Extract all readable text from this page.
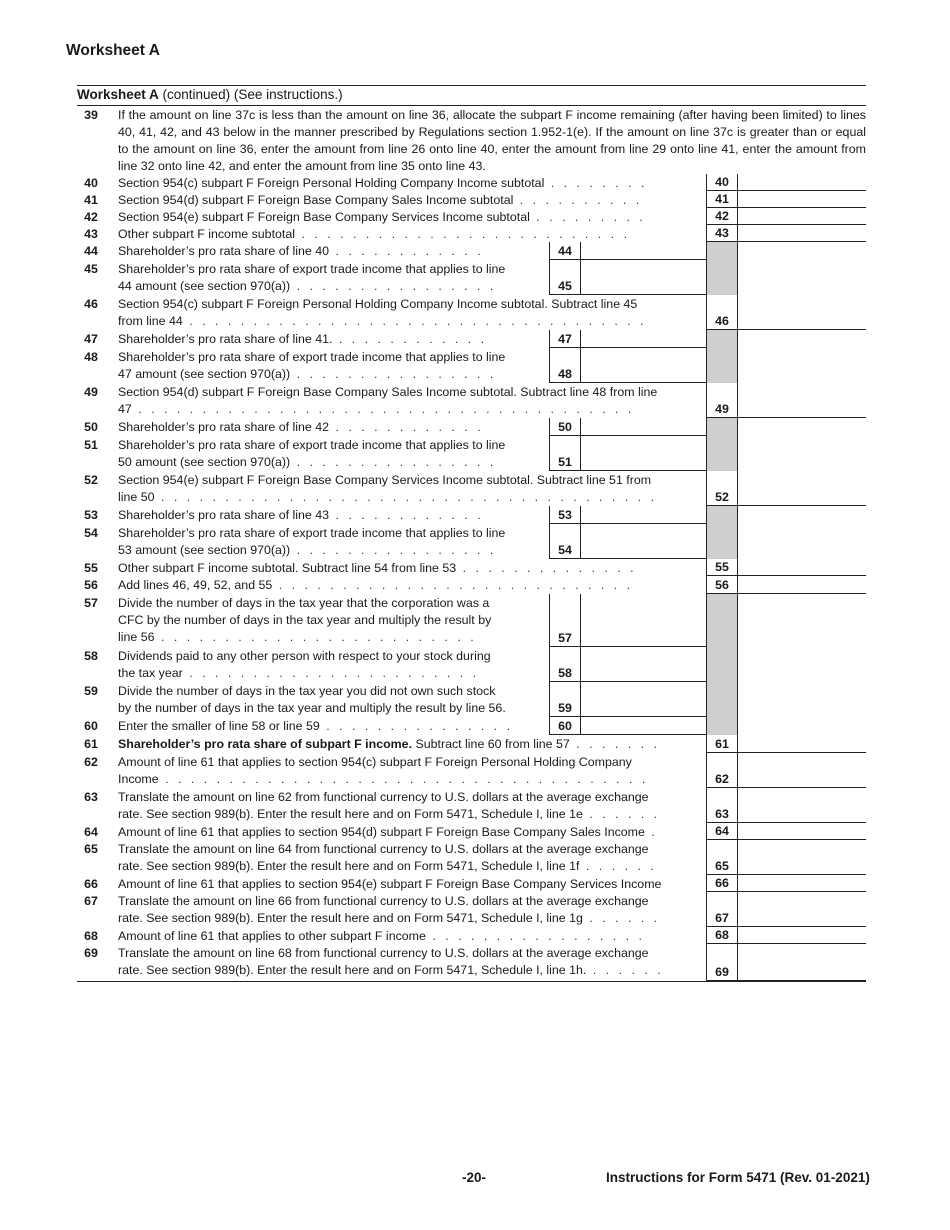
Worksheet A
Worksheet A (continued) (See instructions.)
39	If the amount on line 37c is less than the amount on line 36, allocate the subpart F income remaining (after having been limited) to lines 40, 41, 42, and 43 below in the manner prescribed by Regulations section 1.952-1(e). If the amount on line 37c is greater than or equal to the amount on line 36, enter the amount from line 26 onto line 40, enter the amount from line 29 onto line 41, enter the amount from line 32 onto line 42, and enter the amount from line 35 onto line 43.
40	Section 954(c) subpart F Foreign Personal Holding Company Income subtotal . . . . . . . .	40
41	Section 954(d) subpart F Foreign Base Company Sales Income subtotal . . . . . . . . . .	41
42	Section 954(e) subpart F Foreign Base Company Services Income subtotal . . . . . . . . .	42
43	Other subpart F income subtotal . . . . . . . . . . . . . . . . . . . . . . . . . .	43
44	Shareholder’s pro rata share of line 40 . . . . . . . . . . . .	44
45	Shareholder’s pro rata share of export trade income that applies to line
44 amount (see section 970(a)) . . . . . . . . . . . . . . . .	45
46	Section 954(c) subpart F Foreign Personal Holding Company Income subtotal. Subtract line 45
from line 44 . . . . . . . . . . . . . . . . . . . . . . . . . . . . . . . . . . . .	46
47	Shareholder’s pro rata share of line 41. . . . . . . . . . . . .	47
48	Shareholder’s pro rata share of export trade income that applies to line
47 amount (see section 970(a)) . . . . . . . . . . . . . . . .	48
49	Section 954(d) subpart F Foreign Base Company Sales Income subtotal. Subtract line 48 from line
47 . . . . . . . . . . . . . . . . . . . . . . . . . . . . . . . . . . . . . . .	49
50	Shareholder’s pro rata share of line 42 . . . . . . . . . . . .	50
51	Shareholder’s pro rata share of export trade income that applies to line
50 amount (see section 970(a)) . . . . . . . . . . . . . . . .	51
52	Section 954(e) subpart F Foreign Base Company Services Income subtotal. Subtract line 51 from
line 50 . . . . . . . . . . . . . . . . . . . . . . . . . . . . . . . . . . . . . . .	52
53	Shareholder’s pro rata share of line 43 . . . . . . . . . . . .	53
54	Shareholder’s pro rata share of export trade income that applies to line
53 amount (see section 970(a)) . . . . . . . . . . . . . . . .	54
55	Other subpart F income subtotal. Subtract line 54 from line 53 . . . . . . . . . . . . . .	55
56	Add lines 46, 49, 52, and 55 . . . . . . . . . . . . . . . . . . . . . . . . . . . .	56
57	Divide the number of days in the tax year that the corporation was a
CFC by the number of days in the tax year and multiply the result by
line 56 . . . . . . . . . . . . . . . . . . . . . . . . .	57
58	Dividends paid to any other person with respect to your stock during
the tax year . . . . . . . . . . . . . . . . . . . . . . .	58
59	Divide the number of days in the tax year you did not own such stock
by the number of days in the tax year and multiply the result by line 56.	59
60	Enter the smaller of line 58 or line 59 . . . . . . . . . . . . . . .	60
61	Shareholder’s pro rata share of subpart F income. Subtract line 60 from line 57 . . . . . . .	61
62	Amount of line 61 that applies to section 954(c) subpart F Foreign Personal Holding Company
Income . . . . . . . . . . . . . . . . . . . . . . . . . . . . . . . . . . . . . .	62
63	Translate the amount on line 62 from functional currency to U.S. dollars at the average exchange
rate. See section 989(b). Enter the result here and on Form 5471, Schedule I, line 1e . . . . . .	63
64	Amount of line 61 that applies to section 954(d) subpart F Foreign Base Company Sales Income .	64
65	Translate the amount on line 64 from functional currency to U.S. dollars at the average exchange
rate. See section 989(b). Enter the result here and on Form 5471, Schedule I, line 1f . . . . . .	65
66	Amount of line 61 that applies to section 954(e) subpart F Foreign Base Company Services Income	66
67	Translate the amount on line 66 from functional currency to U.S. dollars at the average exchange
rate. See section 989(b). Enter the result here and on Form 5471, Schedule I, line 1g . . . . . .	67
68	Amount of line 61 that applies to other subpart F income . . . . . . . . . . . . . . . . .	68
69	Translate the amount on line 68 from functional currency to U.S. dollars at the average exchange
rate. See section 989(b). Enter the result here and on Form 5471, Schedule I, line 1h. . . . . . .	69
-20-	Instructions for Form 5471 (Rev. 01-2021)
